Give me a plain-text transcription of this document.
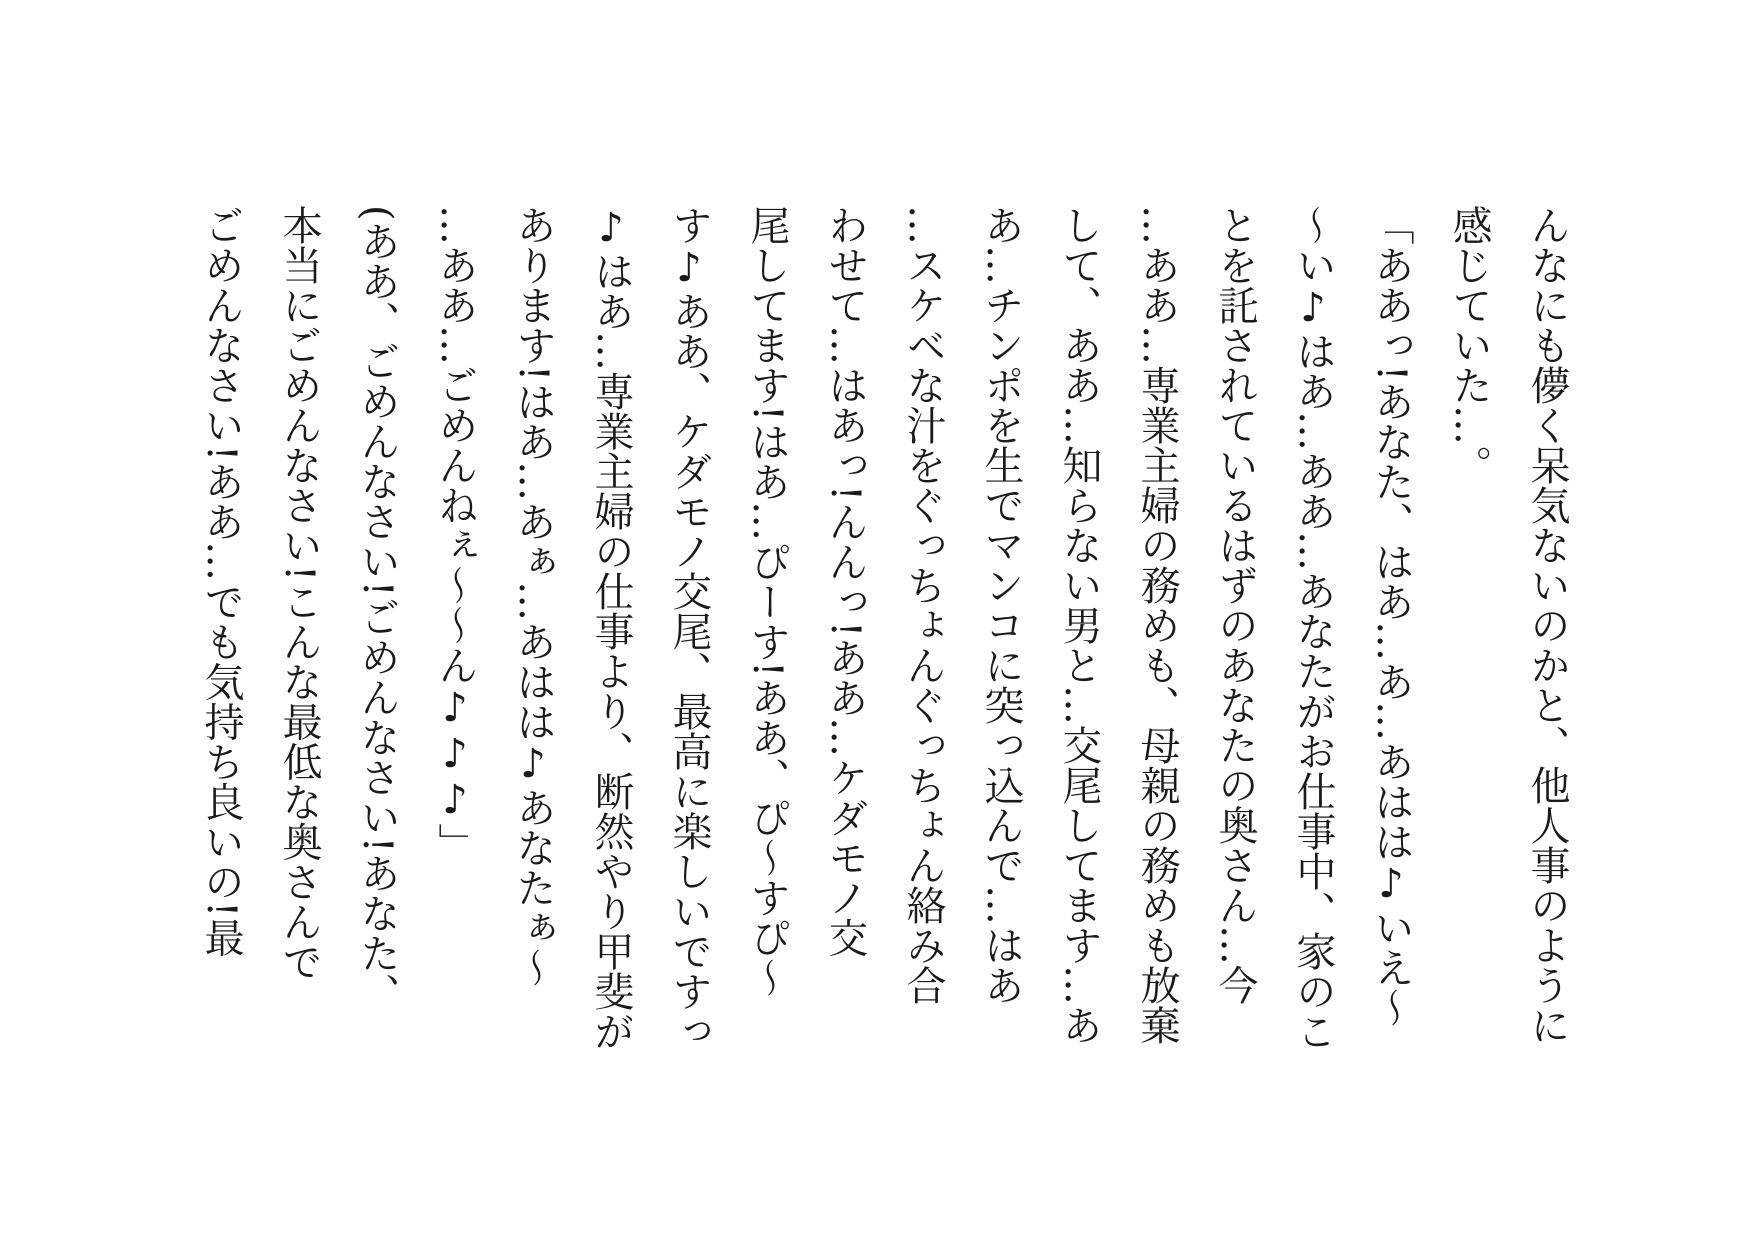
んなにも儚く呆気ないのかと、他人事のように

感じていた…。

「ああっ!あなた、はあ…あ…あはは♪いえ〜

〜い♪はあ…ああ…あなたがお仕事中、家のこ

とを託されているはずのあなたの奥さん…今

…ああ…専業主婦の務めも、母親の務めも放棄

して、ああ…知らない男と…交尾してます…あ

あ…チンポを生でマンコに突っ込んで…はあ

…スケベな汁をぐっちょんぐっちょん絡み合

わせて…はあっ!んんっ!ああ…ケダモノ交

尾してます!はあ…ぴーす!ああ、ぴ〜すぴ〜

す♪ああ、ケダモノ交尾、最高に楽しいですっ

♪はあ…専業主婦の仕事より、断然やり甲斐が

あります!はあ…あぁ…あはは♪あなたぁ〜

…ああ…ごめんねぇ〜〜ん♪♪♪」

(ああ、ごめんなさい!ごめんなさい!あなた、

本当にごめんなさい!こんな最低な奥さんで

ごめんなさい!ああ…でも気持ち良いの!最
